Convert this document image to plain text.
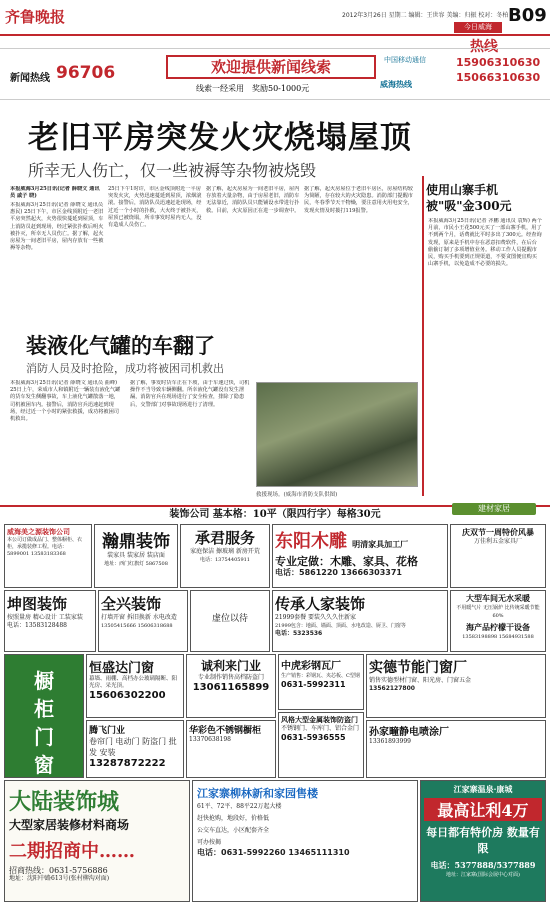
齐鲁晚报	2012年3月26日 星期二 编辑：王世容 美编：归振 校对：冬柏 B09
今日威海
热线
新闻热线 96706	欢迎提供新闻线索
线索一经采用　奖励50-1000元
中国移动通信
威海热线
15906310630
15066310630
老旧平房突发火灾烧塌屋顶
所幸无人伤亡，仅一些被褥等杂物被烧毁
本报威海3月25日讯(记者 薛晓文 通讯员 戚子 晓)
本报威海3月25日讯(记者 薛晓文 通讯员 惠民) 25日下午，市区金线顶附近一老旧平房突然起火，火势很快蔓延到屋顶，车上消防员赶到现场，经过紧张扑救后明火被扑灭，所幸无人员伤亡。据了解，起火房屋为一间老旧平房，屋内存放有一些被褥等杂物。
25日下午1时许，市区金线顶附近一平房突发火灾，火势迅速蔓延到屋顶，浓烟滚滚。接警后，消防队员迅速赶赴现场，经过近一个小时的扑救，大火终于被扑灭，屋顶已被烧塌，所幸事发时屋内无人，没有造成人员伤亡。
据了解，起火房屋为一间老旧平房，屋内存放着大量杂物，由于房屋老旧，消防车无法靠近，消防队员只能铺设水带进行扑救。目前，火灾原因正在进一步调查中。
据了解，起火房屋位于老旧平房区，房屋结构较为简陋，存在较大的火灾隐患。消防部门提醒市民，冬春季节天干物燥，要注意用火用电安全，发现火情及时拨打119报警。
使用山寨手机　被"吸"金300元
本报威海3月25日讯(记者 齐鹏 通讯员 袁辉) 两个月前，市民小王花500元买了一部山寨手机，用了不到两个月，话费就比平时多出了300元。经查询发现，原来是手机中存在恶意扣费软件，在后台偷偷订制了多项增值业务。移动工作人员提醒市民，购买手机要到正规渠道，不要贪图便宜购买山寨手机，以免造成不必要的损失。
装液化气罐的车翻了
消防人员及时抢险，成功将被困司机救出
本报威海3月25日讯(记者 薛晓文 通讯员 曲峰) 25日上午，荣成市人和镇附近一辆装有液化气罐的货车发生侧翻事故，车上液化气罐散落一地，司机被困车内。接警后，消防官兵迅速赶到现场，经过近一个小时的紧张救援，成功将被困司机救出。
据了解，事发时货车正在下坡，由于车速过快，司机操作不当导致车辆侧翻。所幸液化气罐没有发生泄漏，消防官兵在现场进行了安全检查，排除了隐患后，交警部门对事故现场进行了清理。
救援现场。(威海市消防支队供图)
装饰公司 基本格：10平（限四行字）每格30元
建材家居
威海美之源装饰公司
本公司订做成品门、整体橱柜、衣柜，承揽装修工程。电话：5899001 13583183368
瀚鼎装饰
装家具 装家居 装店面
地址：西门红旗灯 5867508
承君服务
家庭保洁 擦玻璃 新房开荒
电话：13754405911
东阳木雕 明清家具加工厂
专业定做：木雕、家具、花格
电话：5861220 13666303371
庆双节一周特价风暴
万佳利五金家具厂
坤图装饰
按照量房 精心设计 工装家装
电话：13583128488
全兴装饰
打墙开窗 拆旧换新 水电改造
13505415666 15606318688
虚位以待
传承人家装饰
21999套餐 要装久久久住新家
21999包含：地面、墙面、顶面、水电改造、厨卫、门窗等
电话：5323536
大型车间无水采暖
不用暖气片 无压锅炉 比传统采暖节能60%
海产品柠檬干设备
13583198898 15684931588
橱
柜
门
窗
恒盛达门窗
幕墙、雨棚、高档办公玻璃隔断、阳光房、采光顶。
15606302200
腾飞门业
卷帘门 电动门 防盗门 批发 安装
13287872222
诚利来门业
专业制作销售高档防盗门
13061165899
华彩色不锈钢橱柜
13370638198
中虎彩钢瓦厂
生产销售：彩钢瓦、夹芯板、C型钢
0631-5992311
风格大型金属装饰防盗门
不锈钢门、车库门、铝合金门
0631-5936555
实德节能门窗厂
销售实德型材门窗、阳光房、门窗五金
13562127800
孙家疃静电喷涂厂
13361893999
大陆装饰城
大型家居装修材料商场
二期招商中……
招商热线：0631-5756886
地址：沈阳中路613号(张村柳沟对面)
江家寨柳林新和家园售楼
61平、72平、88平22万起大楼
赶快抢购，地段好，价格低
公交车直达，小区配套齐全
可办按揭
电话：0631-5992260 13465111310
江家寨温泉·康城
最高让利4万
每日都有特价房 数量有限
电话：5377888/5377889
地址：江家寨(国际会展中心对面)
